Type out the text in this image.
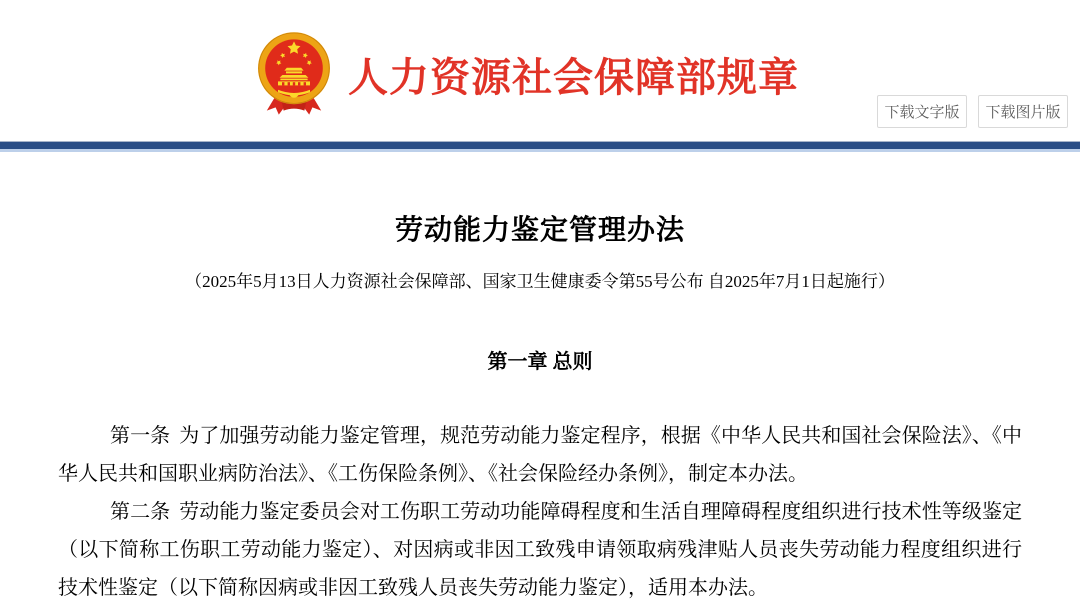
人力资源社会保障部规章
下载文字版	下载图片版
劳动能力鉴定管理办法
（2025年5月13日人力资源社会保障部、国家卫生健康委令第55号公布 自2025年7月1日起施行）
第一章 总则

第一条 为了加强劳动能力鉴定管理，规范劳动能力鉴定程序，根据《中华人民共和国社会保险法》、《中华人民共和国职业病防治法》、《工伤保险条例》、《社会保险经办条例》，制定本办法。

第二条 劳动能力鉴定委员会对工伤职工劳动功能障碍程度和生活自理障碍程度组织进行技术性等级鉴定（以下简称工伤职工劳动能力鉴定）、对因病或非因工致残申请领取病残津贴人员丧失劳动能力程度组织进行技术性鉴定（以下简称因病或非因工致残人员丧失劳动能力鉴定），适用本办法。
